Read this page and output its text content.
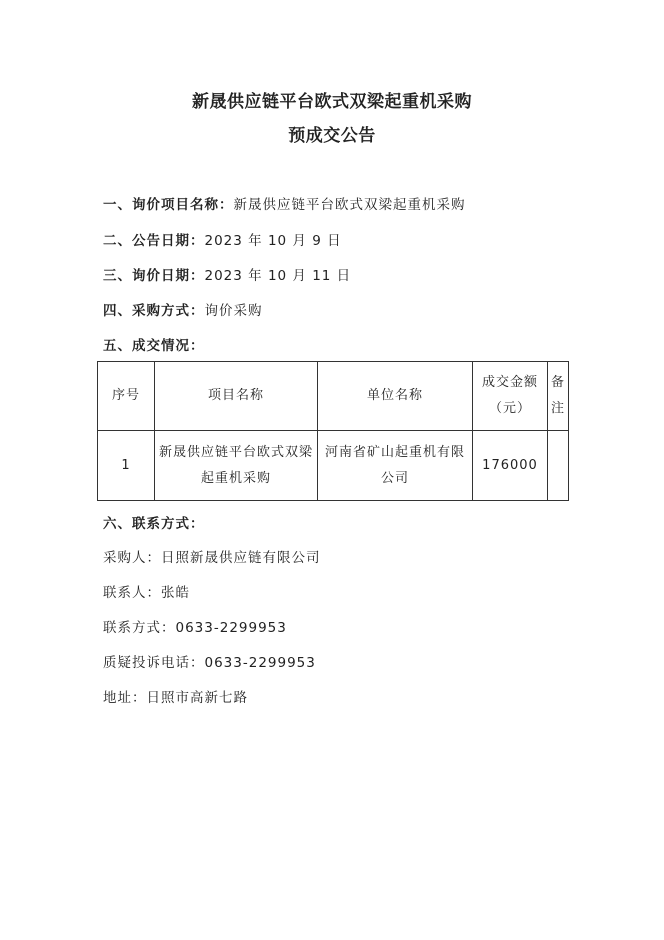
新晟供应链平台欧式双梁起重机采购
预成交公告
一、询价项目名称：新晟供应链平台欧式双梁起重机采购
二、公告日期：2023 年 10 月 9 日
三、询价日期：2023 年 10 月 11 日
四、采购方式：询价采购
五、成交情况：
序号	项目名称	单位名称	成交金额（元）	备注
1	新晟供应链平台欧式双梁起重机采购	河南省矿山起重机有限公司	176000	
六、联系方式：
采购人：日照新晟供应链有限公司
联系人：张皓
联系方式：0633-2299953
质疑投诉电话：0633-2299953
地址：日照市高新七路
